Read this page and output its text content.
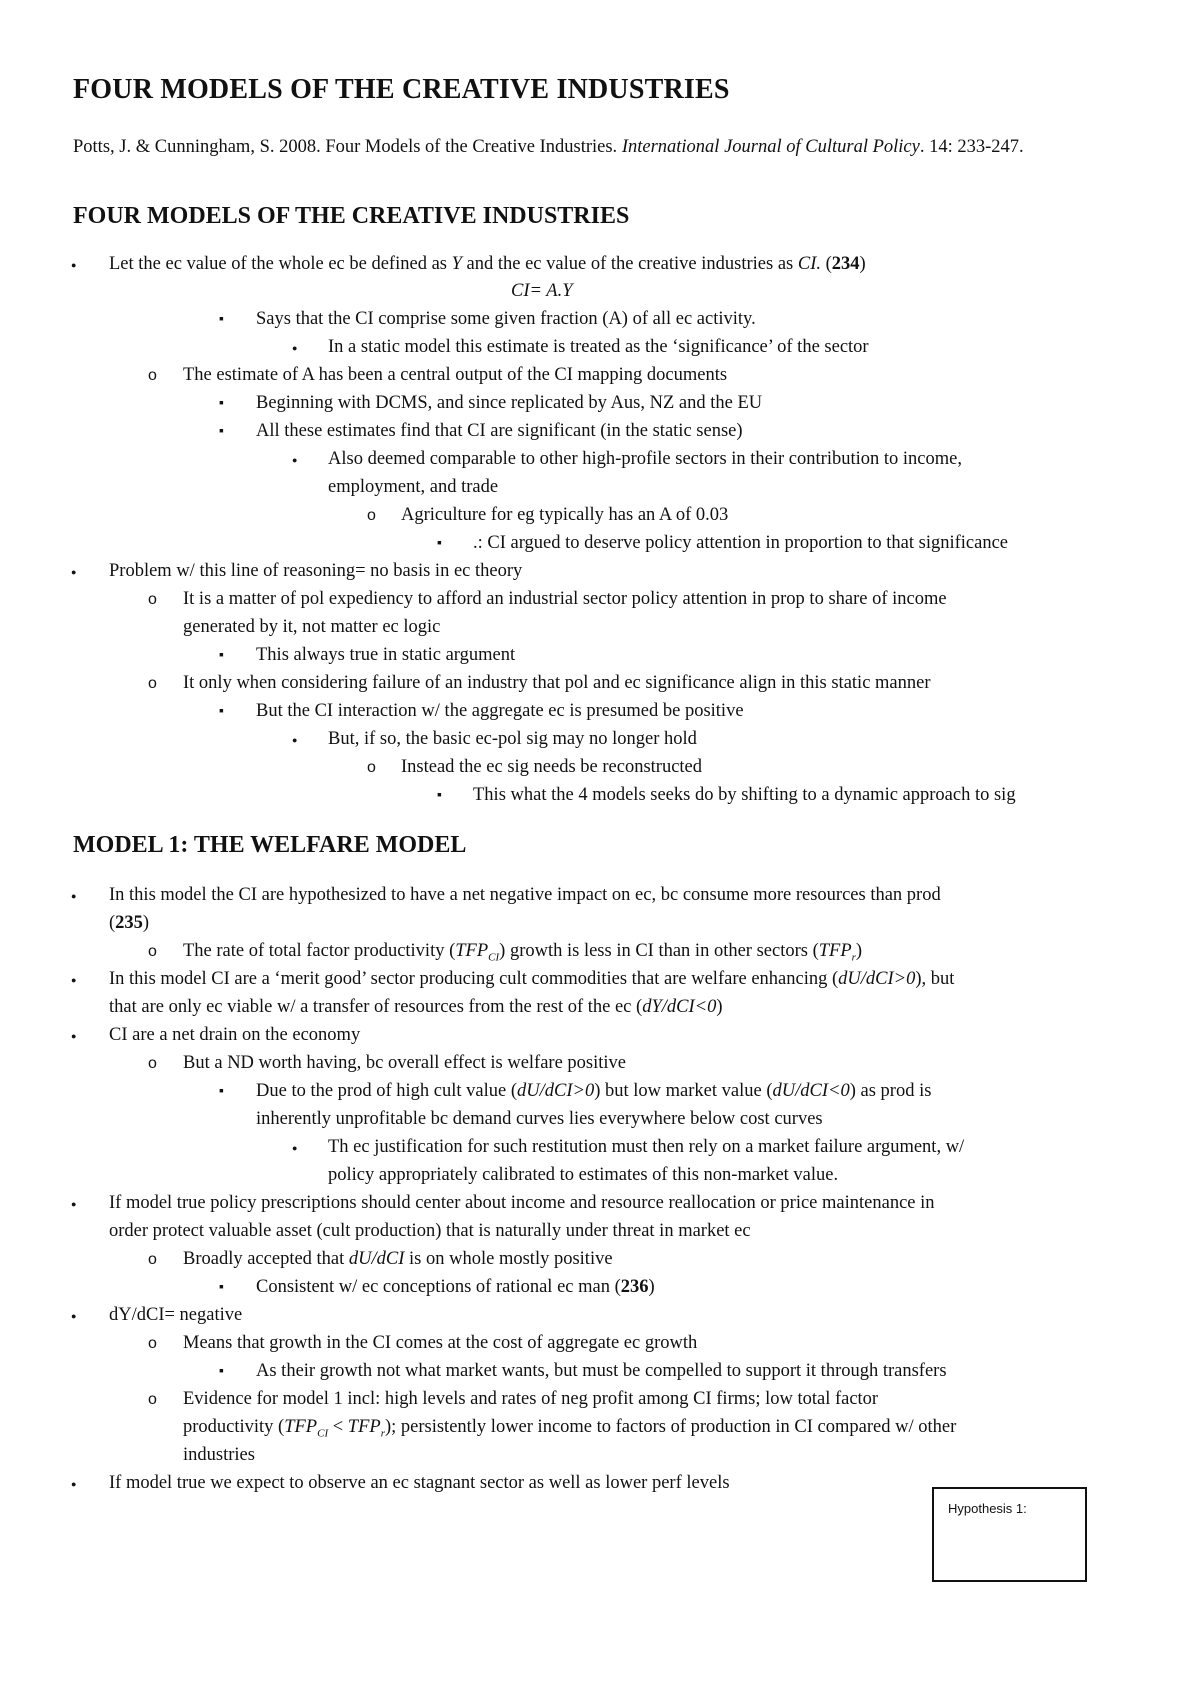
FOUR MODELS OF THE CREATIVE INDUSTRIES
Potts, J. & Cunningham, S. 2008. Four Models of the Creative Industries. International Journal of Cultural Policy. 14: 233-247.
FOUR MODELS OF THE CREATIVE INDUSTRIES
●
Let the ec value of the whole ec be defined as Y and the ec value of the creative industries as CI. (234)
CI= A.Y
▪
Says that the CI comprise some given fraction (A) of all ec activity.
●
In a static model this estimate is treated as the ‘significance’ of the sector
o
The estimate of A has been a central output of the CI mapping documents
▪
Beginning with DCMS, and since replicated by Aus, NZ and the EU
▪
All these estimates find that CI are significant (in the static sense)
●
Also deemed comparable to other high-profile sectors in their contribution to income,
employment, and trade
o
Agriculture for eg typically has an A of 0.03
▪
.: CI argued to deserve policy attention in proportion to that significance
●
Problem w/ this line of reasoning= no basis in ec theory
o
It is a matter of pol expediency to afford an industrial sector policy attention in prop to share of income
generated by it, not matter ec logic
▪
This always true in static argument
o
It only when considering failure of an industry that pol and ec significance align in this static manner
▪
But the CI interaction w/ the aggregate ec is presumed be positive
●
But, if so, the basic ec-pol sig may no longer hold
o
Instead the ec sig needs be reconstructed
▪
This what the 4 models seeks do by shifting to a dynamic approach to sig
MODEL 1: THE WELFARE MODEL
●
In this model the CI are hypothesized to have a net negative impact on ec, bc consume more resources than prod
(235)
o
The rate of total factor productivity $(TFP_{CI})$ growth is less in CI than in other sectors $(TFP_r)$
●
In this model CI are a ‘merit good’ sector producing cult commodities that are welfare enhancing (dU/dCI>0), but
that are only ec viable w/ a transfer of resources from the rest of the ec (dY/dCI<0)
●
CI are a net drain on the economy
o
But a ND worth having, bc overall effect is welfare positive
▪
Due to the prod of high cult value (dU/dCI>0) but low market value (dU/dCI<0) as prod is
inherently unprofitable bc demand curves lies everywhere below cost curves
●
Th ec justification for such restitution must then rely on a market failure argument, w/
policy appropriately calibrated to estimates of this non-market value.
●
If model true policy prescriptions should center about income and resource reallocation or price maintenance in
order protect valuable asset (cult production) that is naturally under threat in market ec
o
Broadly accepted that dU/dCI is on whole mostly positive
▪
Consistent w/ ec conceptions of rational ec man (236)
●
dY/dCI= negative
o
Means that growth in the CI comes at the cost of aggregate ec growth
▪
As their growth not what market wants, but must be compelled to support it through transfers
o
Evidence for model 1 incl: high levels and rates of neg profit among CI firms; low total factor
productivity $(TFP_{CI} < TFP_r)$; persistently lower income to factors of production in CI compared w/ other
industries
●
If model true we expect to observe an ec stagnant sector as well as lower perf levels
Hypothesis 1:
